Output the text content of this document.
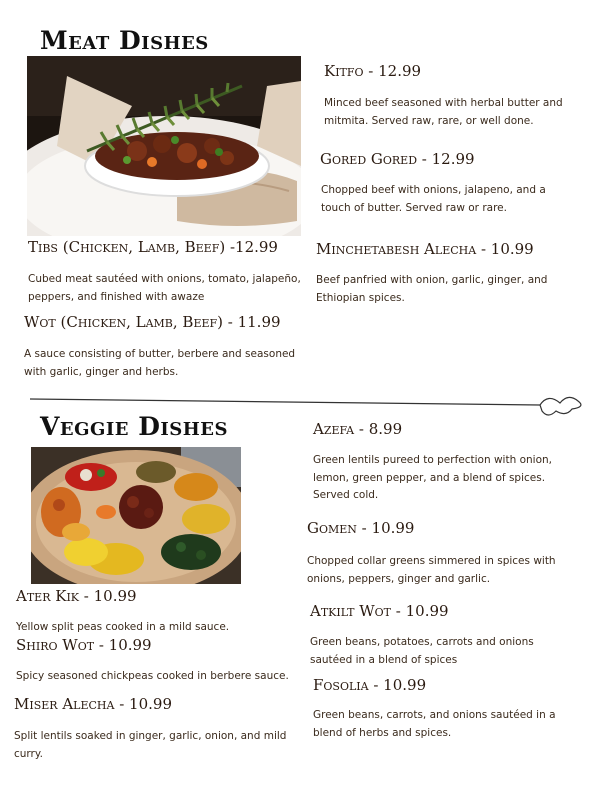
Meat Dishes
Kitfo - 12.99
Minced beef seasoned with herbal butter and mitmita. Served raw, rare, or well done.
Gored Gored - 12.99
Chopped beef with onions, jalapeno, and a touch of butter. Served raw or rare.
Tibs (Chicken, Lamb, Beef) -12.99
Cubed meat sautéed with onions, tomato, jalapeño, peppers, and finished with awaze
Minchetabesh Alecha - 10.99
Beef panfried with onion, garlic, ginger, and Ethiopian spices.
Wot (Chicken, Lamb, Beef) - 11.99
A sauce consisting of butter, berbere and seasoned with garlic, ginger and herbs.
Veggie Dishes	Azefa - 8.99
Green lentils pureed to perfection with onion, lemon, green pepper, and a blend of spices. Served cold.
Gomen - 10.99
Chopped collar greens simmered in spices with onions, peppers, ginger and garlic.
Ater Kik - 10.99
Yellow split peas cooked in a mild sauce.
Shiro Wot - 10.99
Spicy seasoned chickpeas cooked in berbere sauce.
Atkilt Wot - 10.99
Green beans, potatoes, carrots and onions sautéed in a blend of spices
Fosolia - 10.99
Green beans, carrots, and onions sautéed in a blend of herbs and spices.
Miser Alecha - 10.99
Split lentils soaked in ginger, garlic, onion, and mild curry.
